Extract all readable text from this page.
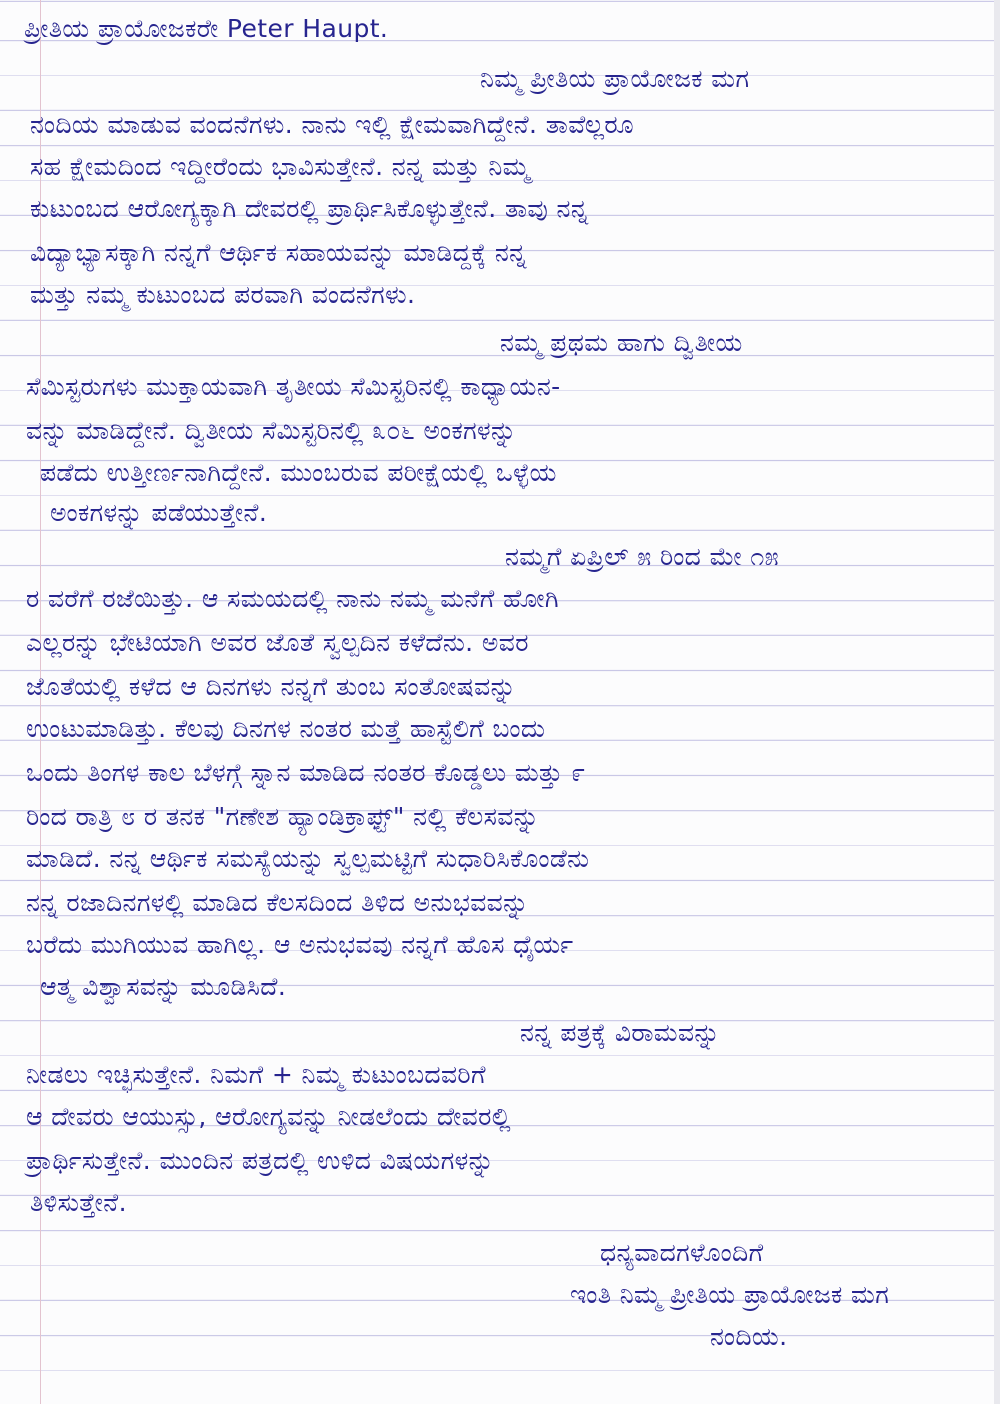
ಪ್ರೀತಿಯ ಪ್ರಾಯೋಜಕರೇ Peter Haupt.
ನಿಮ್ಮ ಪ್ರೀತಿಯ ಪ್ರಾಯೋಜಕ ಮಗ
ನಂದಿಯ ಮಾಡುವ ವಂದನೆಗಳು. ನಾನು ಇಲ್ಲಿ ಕ್ಷೇಮವಾಗಿದ್ದೇನೆ. ತಾವೆಲ್ಲರೂ
ಸಹ ಕ್ಷೇಮದಿಂದ ಇದ್ದೀರೆಂದು ಭಾವಿಸುತ್ತೇನೆ. ನನ್ನ ಮತ್ತು ನಿಮ್ಮ
ಕುಟುಂಬದ ಆರೋಗ್ಯಕ್ಕಾಗಿ ದೇವರಲ್ಲಿ ಪ್ರಾರ್ಥಿಸಿಕೊಳ್ಳುತ್ತೇನೆ. ತಾವು ನನ್ನ
ವಿದ್ಯಾಭ್ಯಾಸಕ್ಕಾಗಿ ನನ್ನಗೆ ಆರ್ಥಿಕ ಸಹಾಯವನ್ನು ಮಾಡಿದ್ದಕ್ಕೆ ನನ್ನ
ಮತ್ತು ನಮ್ಮ ಕುಟುಂಬದ ಪರವಾಗಿ ವಂದನೆಗಳು.
ನಮ್ಮ ಪ್ರಥಮ ಹಾಗು ದ್ವಿತೀಯ
ಸೆಮಿಸ್ಟರುಗಳು ಮುಕ್ತಾಯವಾಗಿ ತೃತೀಯ ಸೆಮಿಸ್ಟರಿನಲ್ಲಿ ಕಾಧ್ಯಾಯನ-
ವನ್ನು ಮಾಡಿದ್ದೇನೆ. ದ್ವಿತೀಯ ಸೆಮಿಸ್ಟರಿನಲ್ಲಿ ೩೦೬ ಅಂಕಗಳನ್ನು
ಪಡೆದು ಉತ್ತೀರ್ಣನಾಗಿದ್ದೇನೆ. ಮುಂಬರುವ ಪರೀಕ್ಷೆಯಲ್ಲಿ ಒಳ್ಳೆಯ
ಅಂಕಗಳನ್ನು ಪಡೆಯುತ್ತೇನೆ.
ನಮ್ಮಗೆ ಏಪ್ರಿಲ್ ೫ ರಿಂದ ಮೇ ೧೫
ರ ವರೆಗೆ ರಜೆಯಿತ್ತು. ಆ ಸಮಯದಲ್ಲಿ ನಾನು ನಮ್ಮ ಮನೆಗೆ ಹೋಗಿ
ಎಲ್ಲರನ್ನು ಭೇಟಿಯಾಗಿ ಅವರ ಜೊತೆ ಸ್ವಲ್ಪದಿನ ಕಳೆದೆನು. ಅವರ
ಜೊತೆಯಲ್ಲಿ ಕಳೆದ ಆ ದಿನಗಳು ನನ್ನಗೆ ತುಂಬ ಸಂತೋಷವನ್ನು
ಉಂಟುಮಾಡಿತ್ತು. ಕೆಲವು ದಿನಗಳ ನಂತರ ಮತ್ತೆ ಹಾಸ್ಟೆಲಿಗೆ ಬಂದು
ಒಂದು ತಿಂಗಳ ಕಾಲ ಬೆಳಗ್ಗೆ ಸ್ನಾನ ಮಾಡಿದ ನಂತರ ಕೊಡ್ಡಲು ಮತ್ತು ೯
ರಿಂದ ರಾತ್ರಿ ೮ ರ ತನಕ "ಗಣೇಶ ಹ್ಯಾಂಡಿಕ್ರಾಫ್ಟ್" ನಲ್ಲಿ ಕೆಲಸವನ್ನು
ಮಾಡಿದೆ. ನನ್ನ ಆರ್ಥಿಕ ಸಮಸ್ಯೆಯನ್ನು ಸ್ವಲ್ಪಮಟ್ಟಿಗೆ ಸುಧಾರಿಸಿಕೊಂಡೆನು
ನನ್ನ ರಜಾದಿನಗಳಲ್ಲಿ ಮಾಡಿದ ಕೆಲಸದಿಂದ ತಿಳಿದ ಅನುಭವವನ್ನು
ಬರೆದು ಮುಗಿಯುವ ಹಾಗಿಲ್ಲ. ಆ ಅನುಭವವು ನನ್ನಗೆ ಹೊಸ ಧೈರ್ಯ
ಆತ್ಮ ವಿಶ್ವಾಸವನ್ನು ಮೂಡಿಸಿದೆ.
ನನ್ನ ಪತ್ರಕ್ಕೆ ವಿರಾಮವನ್ನು
ನೀಡಲು ಇಚ್ಛಿಸುತ್ತೇನೆ. ನಿಮಗೆ + ನಿಮ್ಮ ಕುಟುಂಬದವರಿಗೆ
ಆ ದೇವರು ಆಯುಸ್ಸು, ಆರೋಗ್ಯವನ್ನು ನೀಡಲೆಂದು ದೇವರಲ್ಲಿ
ಪ್ರಾರ್ಥಿಸುತ್ತೇನೆ. ಮುಂದಿನ ಪತ್ರದಲ್ಲಿ ಉಳಿದ ವಿಷಯಗಳನ್ನು
ತಿಳಿಸುತ್ತೇನೆ.
ಧನ್ಯವಾದಗಳೊಂದಿಗೆ
ಇಂತಿ ನಿಮ್ಮ ಪ್ರೀತಿಯ ಪ್ರಾಯೋಜಕ ಮಗ
ನಂದಿಯ.
